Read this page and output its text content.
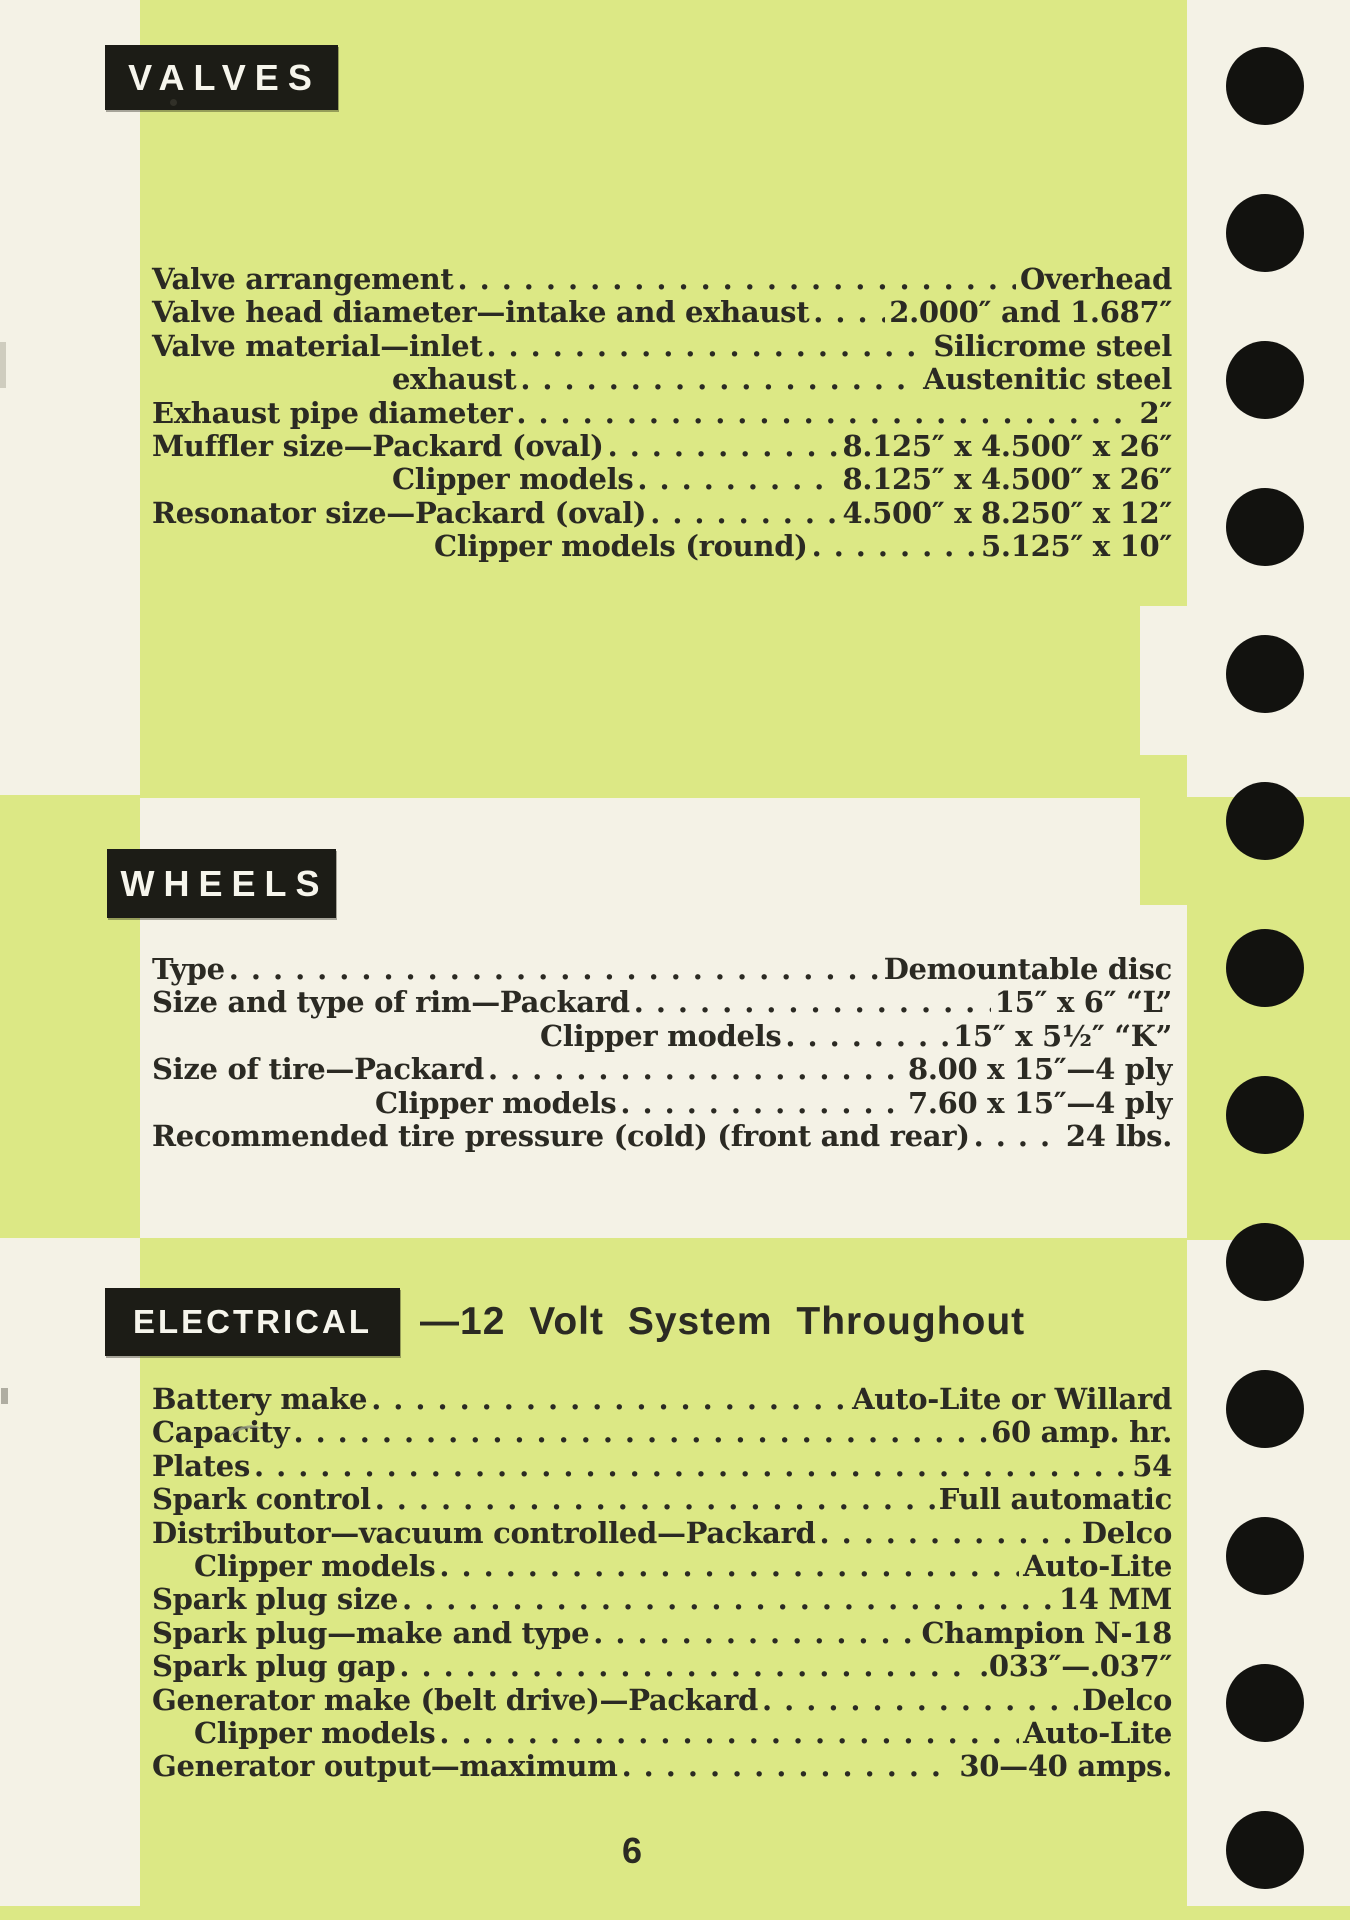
VALVES
WHEELS
ELECTRICAL —12 Volt System Throughout
Valve arrangement .....	Overhead
Valve head diameter—intake and exhaust .....	2.000″ and 1.687″
Valve material—inlet .....	Silicrome steel
exhaust .....	Austenitic steel
Exhaust pipe diameter .....	2″
Muffler size—Packard (oval) .....	8.125″ x 4.500″ x 26″
Clipper models .....	8.125″ x 4.500″ x 26″
Resonator size—Packard (oval) .....	4.500″ x 8.250″ x 12″
Clipper models (round) .....	5.125″ x 10″
Type .....	Demountable disc
Size and type of rim—Packard .....	15″ x 6″ “L”
Clipper models .....	15″ x 5½″ “K”
Size of tire—Packard .....	8.00 x 15″—4 ply
Clipper models .....	7.60 x 15″—4 ply
Recommended tire pressure (cold) (front and rear) .....	24 lbs.
Battery make .....	Auto-Lite or Willard
Capacity .....	60 amp. hr.
Plates .....	54
Spark control .....	Full automatic
Distributor—vacuum controlled—Packard .....	Delco
Clipper models .....	Auto-Lite
Spark plug size .....	14 MM
Spark plug—make and type .....	Champion N-18
Spark plug gap .....	.033″—.037″
Generator make (belt drive)—Packard .....	Delco
Clipper models .....	Auto-Lite
Generator output—maximum .....	30—40 amps.
6
